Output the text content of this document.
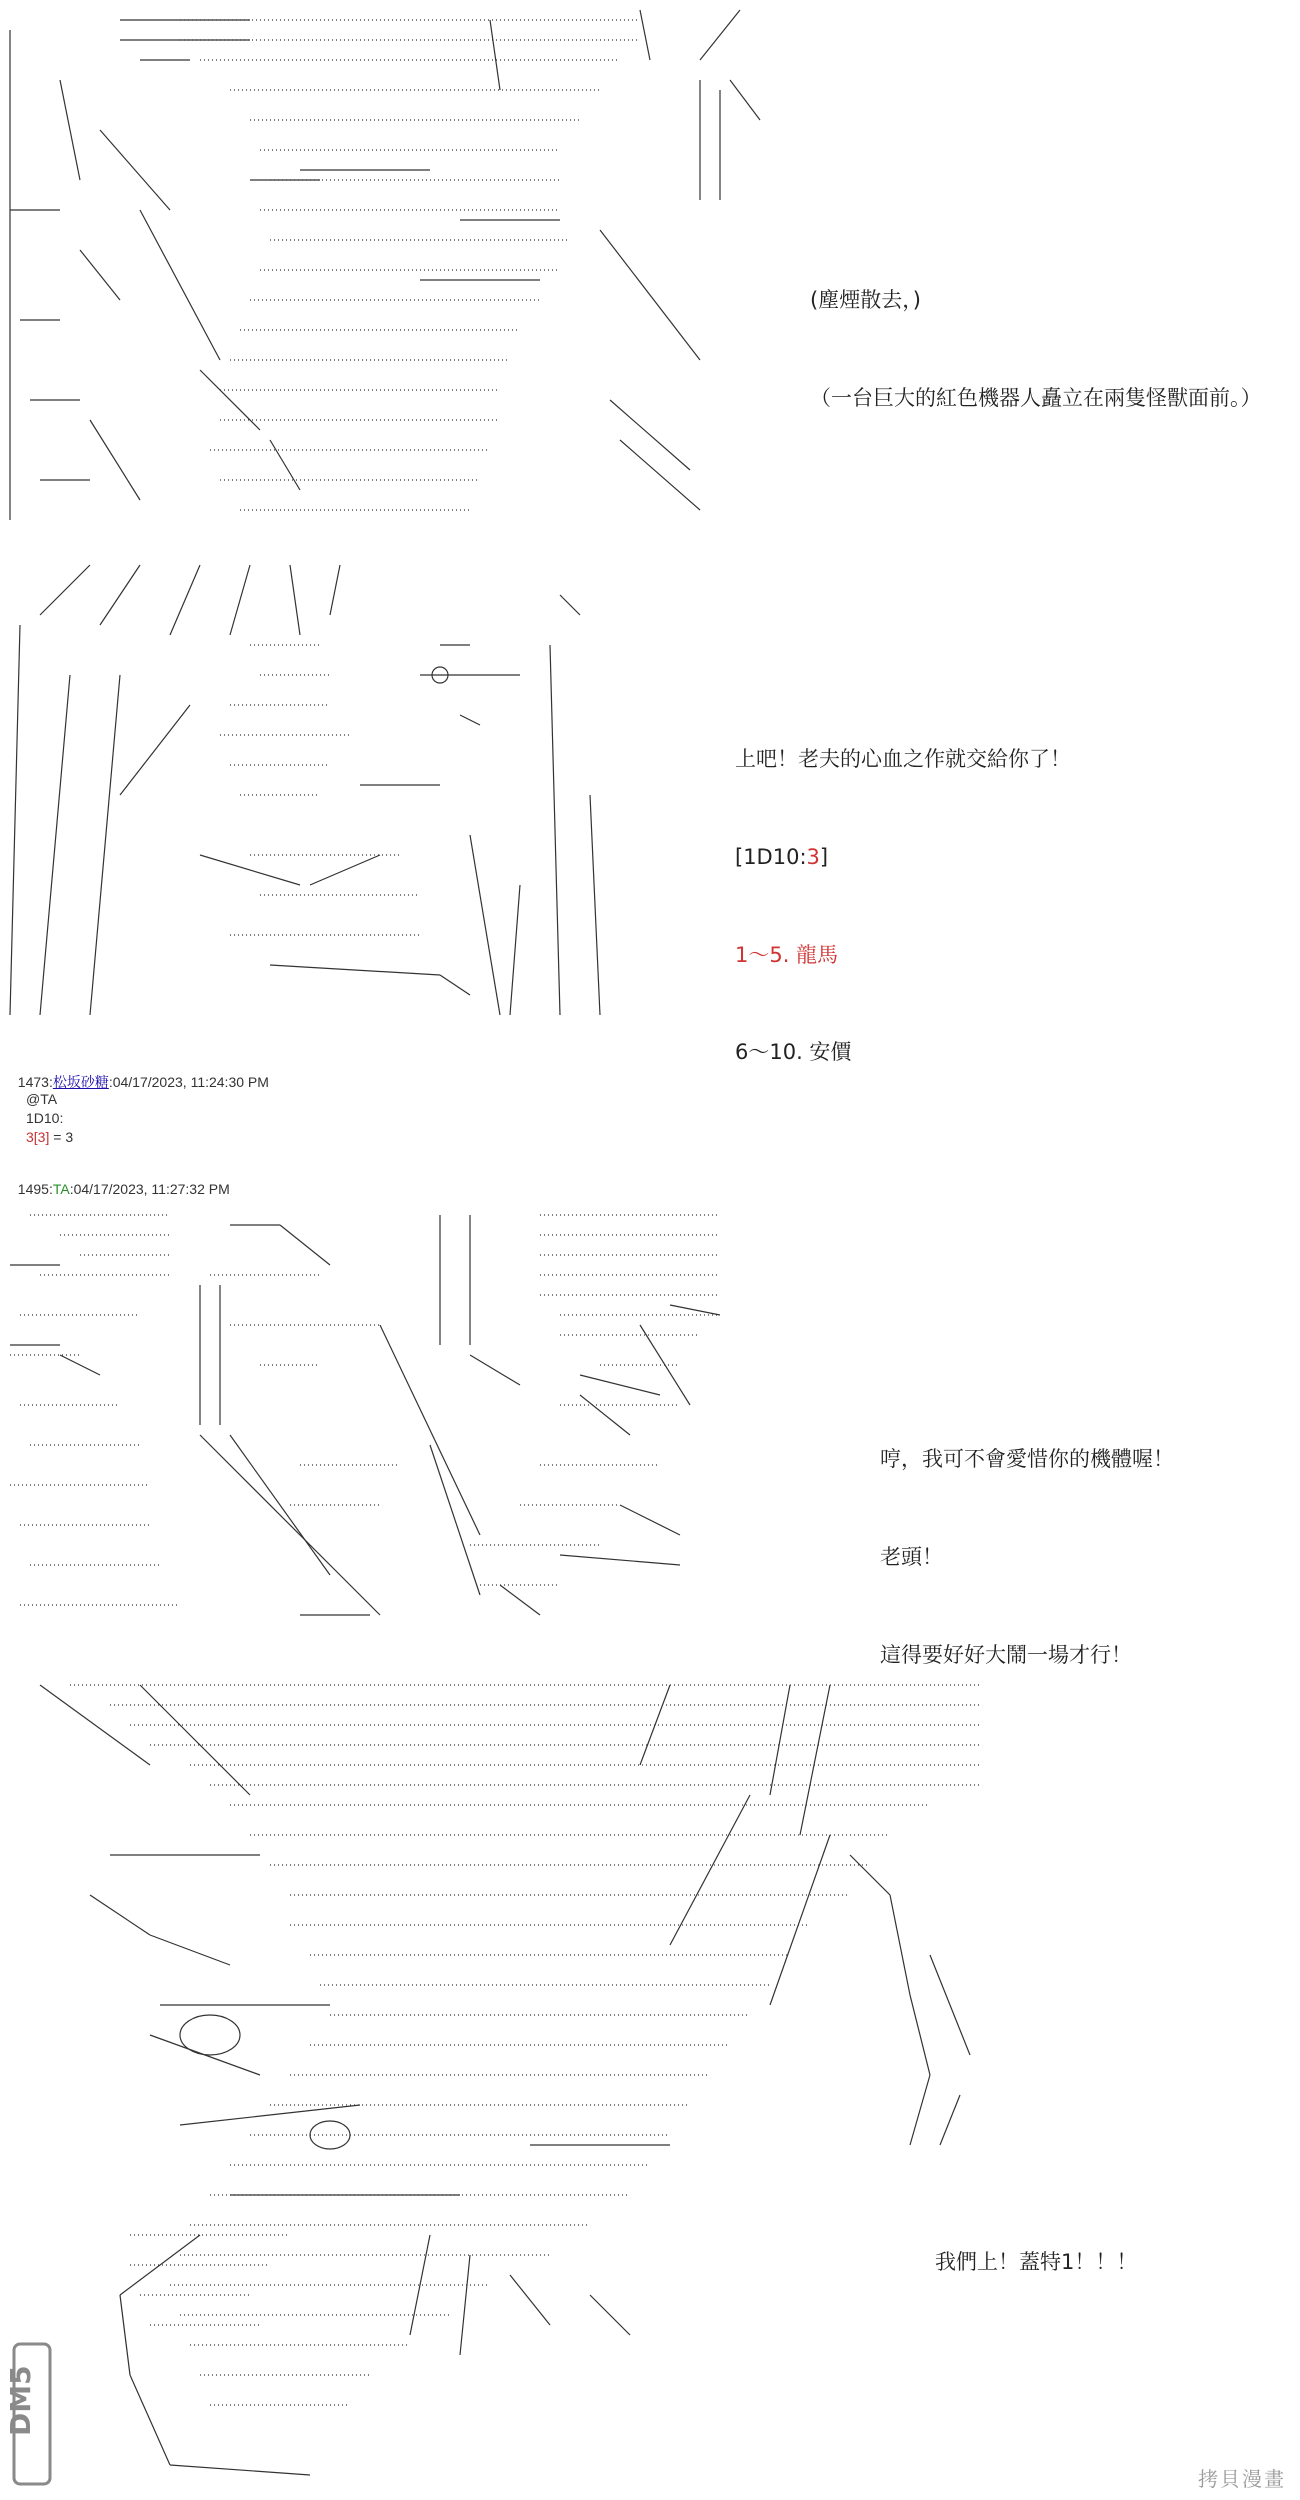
(塵煙散去，)

（一台巨大的紅色機器人矗立在兩隻怪獸面前。）

上吧！老夫的心血之作就交給你了！

[1D10:3]

1～5. 龍馬

6～10. 安價

1473:松坂砂糖:04/17/2023, 11:24:30 PM

@TA
1D10:
3[3] = 3

1495:TA:04/17/2023, 11:27:32 PM

哼，我可不會愛惜你的機體喔！

老頭！

這得要好好大鬧一場才行！

我們上！蓋特1！！！

DM5
拷貝漫畫
